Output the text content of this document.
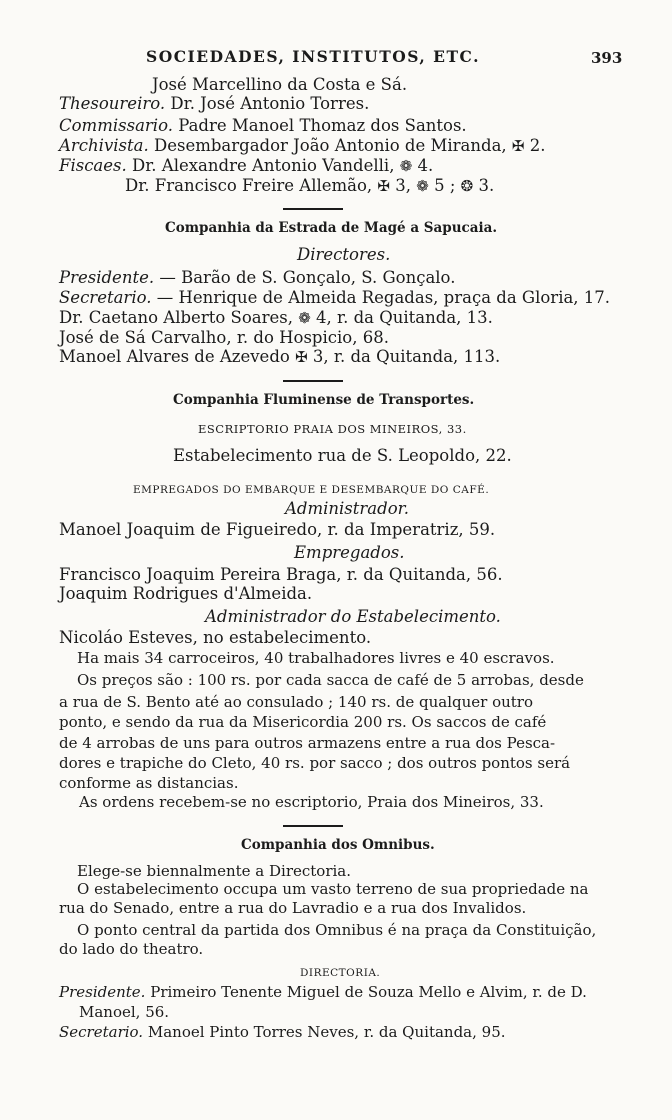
SOCIEDADES, INSTITUTOS, ETC.	393
José Marcellino da Costa e Sá.
Thesoureiro. Dr. José Antonio Torres.
Commissario. Padre Manoel Thomaz dos Santos.
Archivista. Desembargador João Antonio de Miranda, ✠ 2.
Fiscaes. Dr. Alexandre Antonio Vandelli, ❁ 4.
Dr. Francisco Freire Allemão, ✠ 3, ❁ 5 ; ❂ 3.
Companhia da Estrada de Magé a Sapucaia.
Directores.
Presidente. — Barão de S. Gonçalo, S. Gonçalo.
Secretario. — Henrique de Almeida Regadas, praça da Gloria, 17.
Dr. Caetano Alberto Soares, ❁ 4, r. da Quitanda, 13.
José de Sá Carvalho, r. do Hospicio, 68.
Manoel Alvares de Azevedo ✠ 3, r. da Quitanda, 113.
Companhia Fluminense de Transportes.
ESCRIPTORIO PRAIA DOS MINEIROS, 33.
Estabelecimento rua de S. Leopoldo, 22.
EMPREGADOS DO EMBARQUE E DESEMBARQUE DO CAFÉ.
Administrador.
Manoel Joaquim de Figueiredo, r. da Imperatriz, 59.
Empregados.
Francisco Joaquim Pereira Braga, r. da Quitanda, 56.
Joaquim Rodrigues d'Almeida.
Administrador do Estabelecimento.
Nicoláo Esteves, no estabelecimento.
Ha mais 34 carroceiros, 40 trabalhadores livres e 40 escravos.
Os preços são : 100 rs. por cada sacca de café de 5 arrobas, desde
a rua de S. Bento até ao consulado ; 140 rs. de qualquer outro
ponto, e sendo da rua da Misericordia 200 rs. Os saccos de café
de 4 arrobas de uns para outros armazens entre a rua dos Pesca-
dores e trapiche do Cleto, 40 rs. por sacco ; dos outros pontos será
conforme as distancias.
As ordens recebem-se no escriptorio, Praia dos Mineiros, 33.
Companhia dos Omnibus.
Elege-se biennalmente a Directoria.
O estabelecimento occupa um vasto terreno de sua propriedade na
rua do Senado, entre a rua do Lavradio e a rua dos Invalidos.
O ponto central da partida dos Omnibus é na praça da Constituição,
do lado do theatro.
DIRECTORIA.
Presidente. Primeiro Tenente Miguel de Souza Mello e Alvim, r. de D.
Manoel, 56.
Secretario. Manoel Pinto Torres Neves, r. da Quitanda, 95.
